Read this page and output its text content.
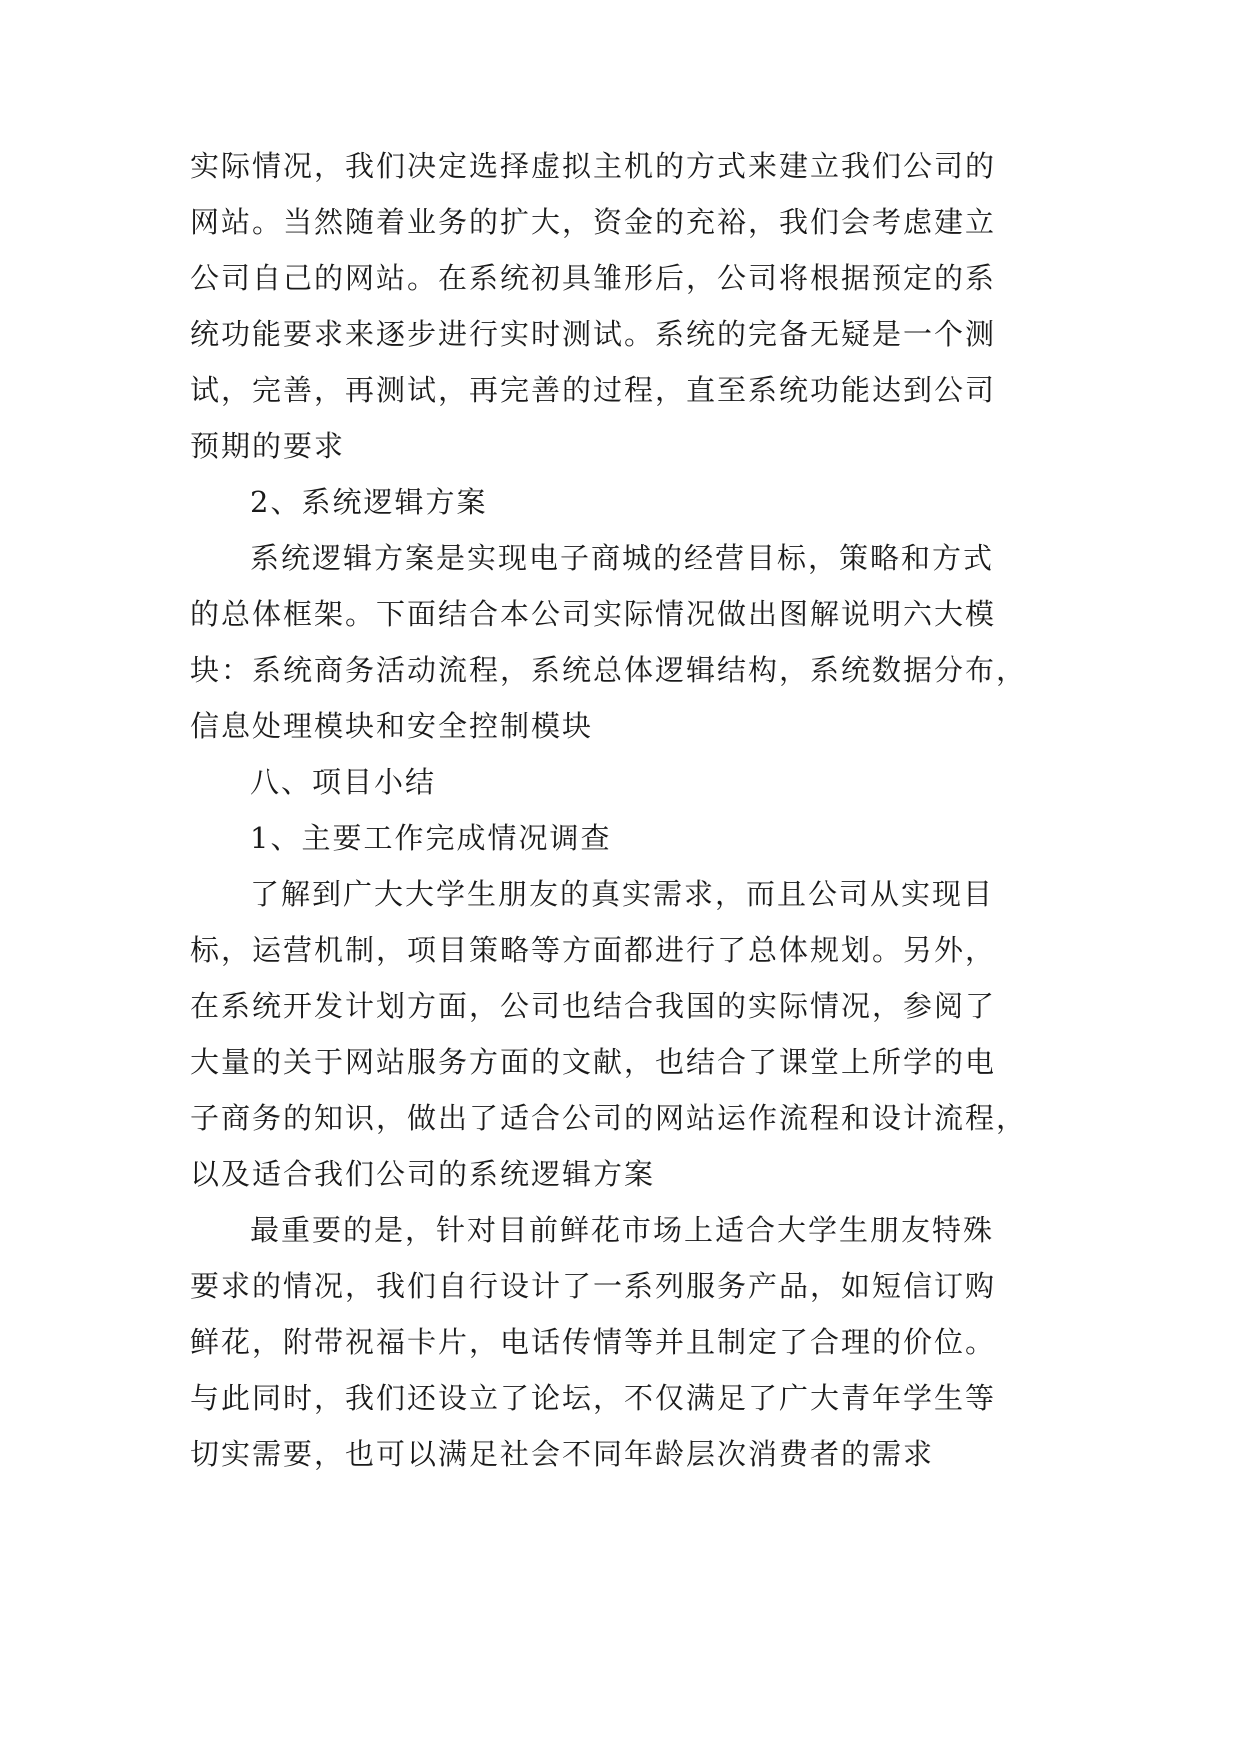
实际情况，我们决定选择虚拟主机的方式来建立我们公司的
网站。当然随着业务的扩大，资金的充裕，我们会考虑建立
公司自己的网站。在系统初具雏形后，公司将根据预定的系
统功能要求来逐步进行实时测试。系统的完备无疑是一个测
试，完善，再测试，再完善的过程，直至系统功能达到公司
预期的要求
2、系统逻辑方案
系统逻辑方案是实现电子商城的经营目标，策略和方式
的总体框架。下面结合本公司实际情况做出图解说明六大模
块：系统商务活动流程，系统总体逻辑结构，系统数据分布，
信息处理模块和安全控制模块
八、项目小结
1、主要工作完成情况调查
了解到广大大学生朋友的真实需求，而且公司从实现目
标，运营机制，项目策略等方面都进行了总体规划。另外，
在系统开发计划方面，公司也结合我国的实际情况，参阅了
大量的关于网站服务方面的文献，也结合了课堂上所学的电
子商务的知识，做出了适合公司的网站运作流程和设计流程，
以及适合我们公司的系统逻辑方案
最重要的是，针对目前鲜花市场上适合大学生朋友特殊
要求的情况，我们自行设计了一系列服务产品，如短信订购
鲜花，附带祝福卡片，电话传情等并且制定了合理的价位。
与此同时，我们还设立了论坛，不仅满足了广大青年学生等
切实需要，也可以满足社会不同年龄层次消费者的需求
